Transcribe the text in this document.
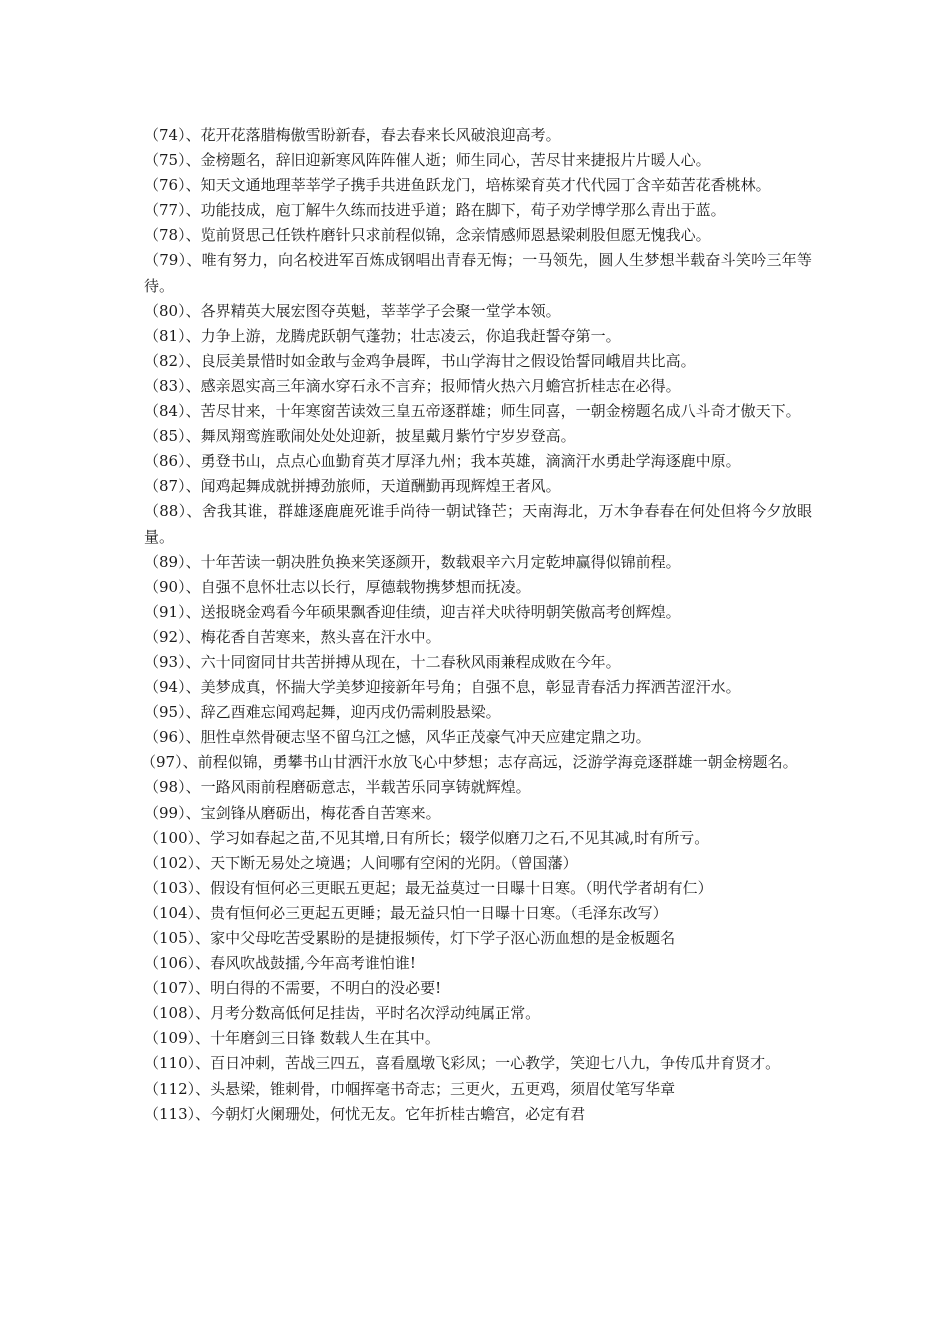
（74）、花开花落腊梅傲雪盼新春，春去春来长风破浪迎高考。

（75）、金榜题名，辞旧迎新寒风阵阵催人逝；师生同心，苦尽甘来捷报片片暖人心。

（76）、知天文通地理莘莘学子携手共进鱼跃龙门，培栋梁育英才代代园丁含辛茹苦花香桃林。

（77）、功能技成，庖丁解牛久练而技进乎道；路在脚下，荀子劝学博学那么青出于蓝。

（78）、览前贤思己任铁杵磨针只求前程似锦，念亲情感师恩悬梁刺股但愿无愧我心。

（79）、唯有努力，向名校进军百炼成钢唱出青春无悔；一马领先，圆人生梦想半载奋斗笑吟三年等待。

（80）、各界精英大展宏图夺英魁，莘莘学子会聚一堂学本领。

（81）、力争上游，龙腾虎跃朝气蓬勃；壮志凌云，你追我赶誓夺第一。

（82）、良辰美景惜时如金敢与金鸡争晨晖，书山学海甘之假设饴誓同峨眉共比高。

（83）、感亲恩实高三年滴水穿石永不言弃；报师情火热六月蟾宫折桂志在必得。

（84）、苦尽甘来，十年寒窗苦读效三皇五帝逐群雄；师生同喜，一朝金榜题名成八斗奇才傲天下。

（85）、舞凤翔鸾旌歌闹处处处迎新，披星戴月紫竹宁岁岁登高。

（86）、勇登书山，点点心血勤育英才厚泽九州；我本英雄，滴滴汗水勇赴学海逐鹿中原。

（87）、闻鸡起舞成就拼搏劲旅师，天道酬勤再现辉煌王者风。

（88）、舍我其谁，群雄逐鹿鹿死谁手尚待一朝试锋芒；天南海北，万木争春春在何处但将今夕放眼量。

（89）、十年苦读一朝决胜负换来笑逐颜开，数载艰辛六月定乾坤赢得似锦前程。

（90）、自强不息怀壮志以长行，厚德载物携梦想而抚凌。

（91）、送报晓金鸡看今年硕果飘香迎佳绩，迎吉祥犬吠待明朝笑傲高考创辉煌。

（92）、梅花香自苦寒来，熬头喜在汗水中。

（93）、六十同窗同甘共苦拼搏从现在，十二春秋风雨兼程成败在今年。

（94）、美梦成真，怀揣大学美梦迎接新年号角；自强不息，彰显青春活力挥洒苦涩汗水。

（95）、辞乙酉难忘闻鸡起舞，迎丙戌仍需刺股悬梁。

（96）、胆性卓然骨硬志坚不留乌江之憾，风华正茂豪气冲天应建定鼎之功。

（97）、前程似锦，勇攀书山甘洒汗水放飞心中梦想；志存高远，泛游学海竞逐群雄一朝金榜题名。

（98）、一路风雨前程磨砺意志，半载苦乐同享铸就辉煌。

（99）、宝剑锋从磨砺出，梅花香自苦寒来。

（100）、学习如春起之苗,不见其增,日有所长；辍学似磨刀之石,不见其减,时有所亏。

（102）、天下断无易处之境遇；人间哪有空闲的光阴。（曾国藩）

（103）、假设有恒何必三更眠五更起；最无益莫过一日曝十日寒。（明代学者胡有仁）

（104）、贵有恒何必三更起五更睡；最无益只怕一日曝十日寒。（毛泽东改写）

（105）、家中父母吃苦受累盼的是捷报频传，灯下学子沤心沥血想的是金板题名

（106）、春风吹战鼓擂,今年高考谁怕谁!

（107）、明白得的不需要，不明白的没必要!

（108）、月考分数高低何足挂齿，平时名次浮动纯属正常。

（109）、十年磨剑三日锋 数载人生在其中。

（110）、百日冲刺，苦战三四五，喜看凰墩飞彩凤；一心教学，笑迎七八九，争传瓜井育贤才。

（112）、头悬梁，锥刺骨，巾帼挥毫书奇志；三更火，五更鸡，须眉仗笔写华章

（113）、今朝灯火阑珊处，何忧无友。它年折桂古蟾宫，必定有君
